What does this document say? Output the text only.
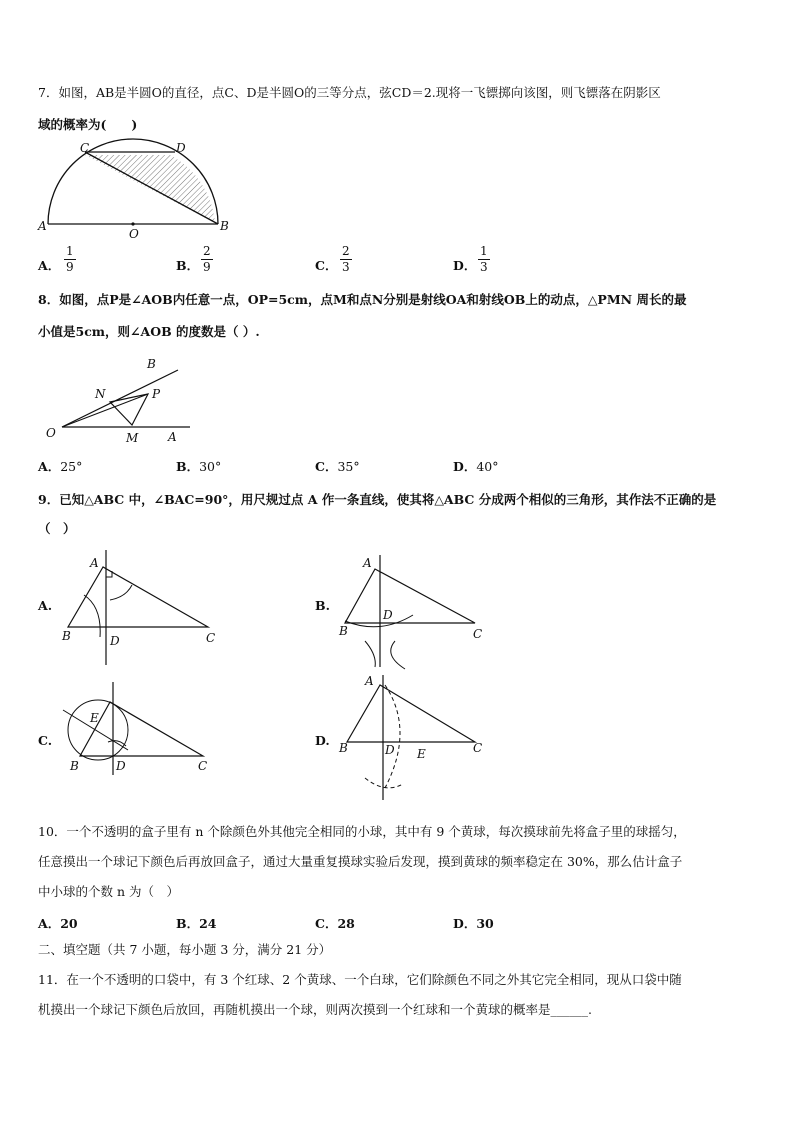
7．如图，AB是半圆O的直径，点C、D是半圆O的三等分点，弦CD＝2.现将一飞镖掷向该图，则飞镖落在阴影区
域的概率为(　　)
A
O
B
C	D
A． $\frac{1}{9}$	B． $\frac{2}{9}$	C． $\frac{2}{3}$	D． $\frac{1}{3}$
8．如图，点P是∠AOB内任意一点，OP=5cm，点M和点N分别是射线OA和射线OB上的动点，△PMN 周长的最
小值是5cm，则∠AOB 的度数是（ ）.
O	A
B
N	P
M
A．25°	B．30°	C．35°	D．40°
9．已知△ABC 中，∠BAC=90°，用尺规过点 A 作一条直线，使其将△ABC 分成两个相似的三角形，其作法不正确的是
（　）
A.
A
B	C
D
B.
A
B	C
D
C.
E
B	C
D
D.
A
B	C
D E
10．一个不透明的盒子里有 n 个除颜色外其他完全相同的小球，其中有 9 个黄球，每次摸球前先将盒子里的球摇匀，
任意摸出一个球记下颜色后再放回盒子，通过大量重复摸球实验后发现，摸到黄球的频率稳定在 30%，那么估计盒子
中小球的个数 n 为（　）
A．20	B．24	C．28	D．30
二、填空题（共 7 小题，每小题 3 分，满分 21 分）
11．在一个不透明的口袋中，有 3 个红球、2 个黄球、一个白球，它们除颜色不同之外其它完全相同，现从口袋中随
机摸出一个球记下颜色后放回，再随机摸出一个球，则两次摸到一个红球和一个黄球的概率是______.
